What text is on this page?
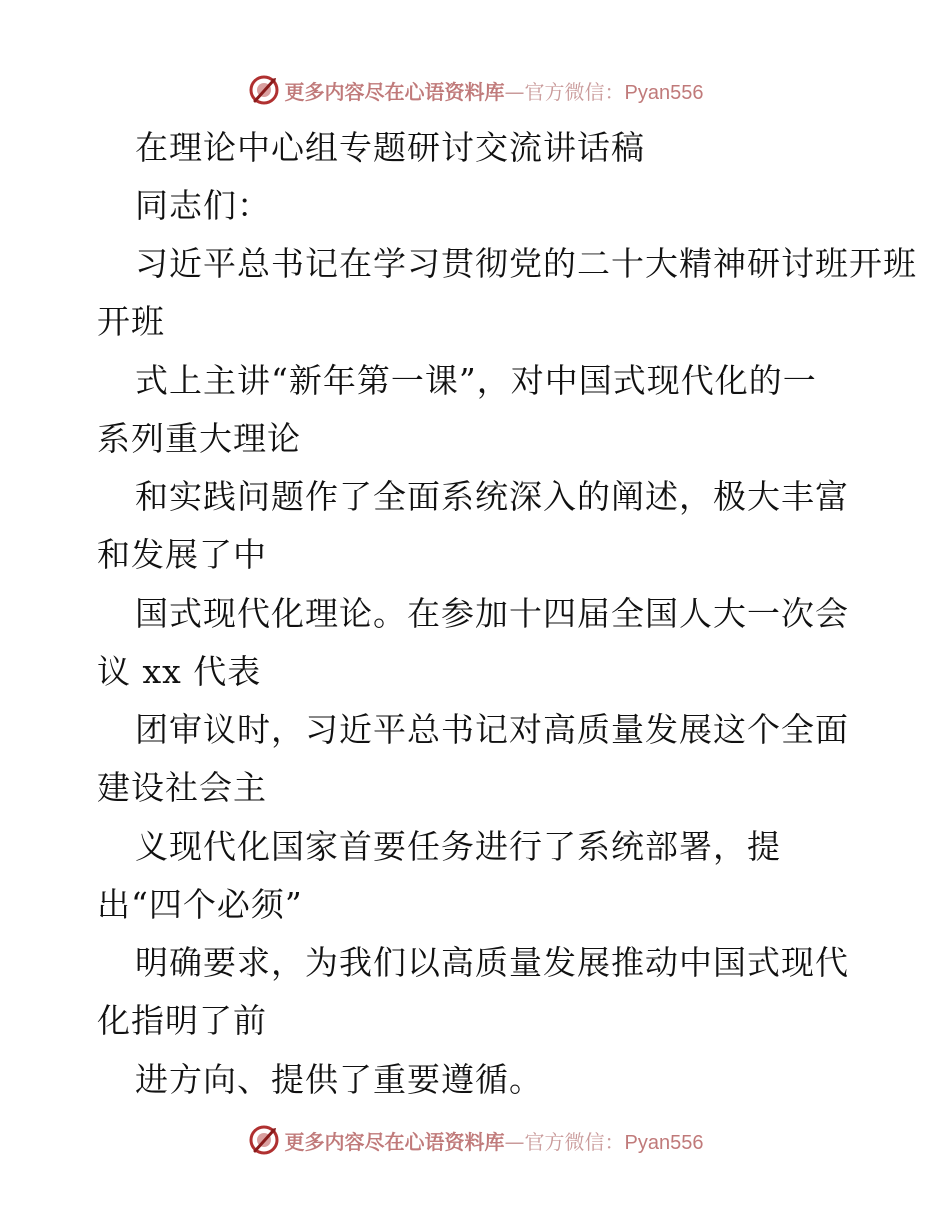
更多内容尽在心语资料库—官方微信：Pyan556
在理论中心组专题研讨交流讲话稿
同志们：
习近平总书记在学习贯彻党的二十大精神研讨班开班
开班
式上主讲“新年第一课”，对中国式现代化的一
系列重大理论
和实践问题作了全面系统深入的阐述，极大丰富
和发展了中
国式现代化理论。在参加十四届全国人大一次会
议 xx 代表
团审议时，习近平总书记对高质量发展这个全面
建设社会主
义现代化国家首要任务进行了系统部署，提
出“四个必须”
明确要求，为我们以高质量发展推动中国式现代
化指明了前
进方向、提供了重要遵循。
更多内容尽在心语资料库—官方微信：Pyan556
